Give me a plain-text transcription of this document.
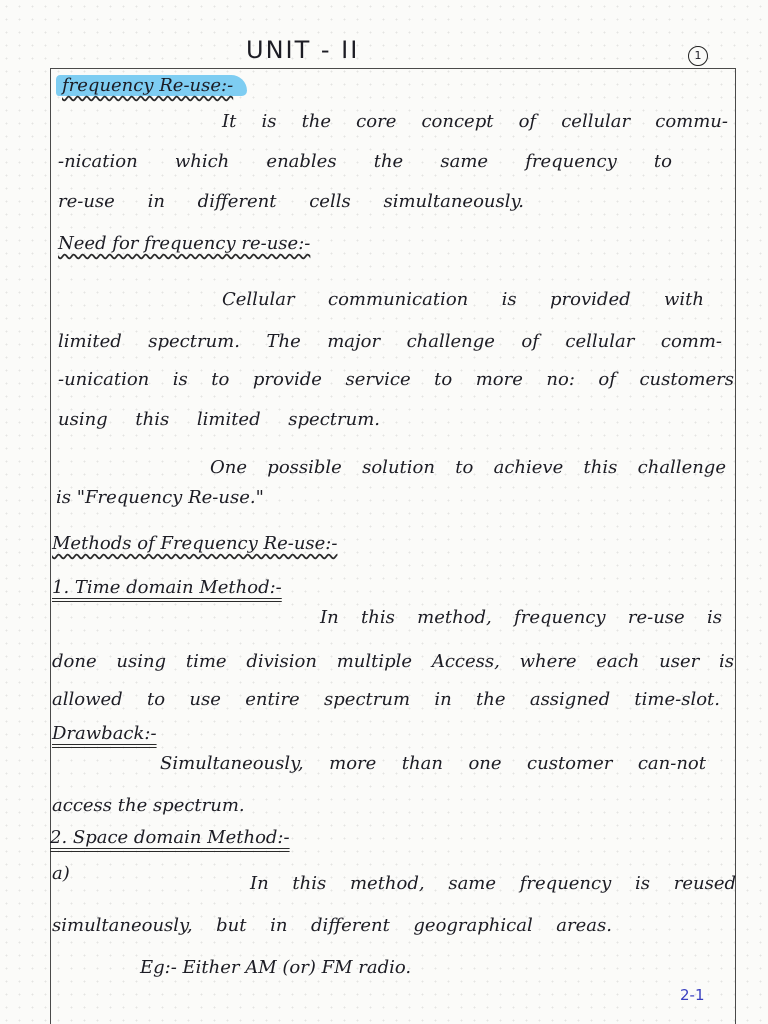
UNIT - II	1
frequency Re-use:-
It is the core concept of cellular commu-
-nication which enables the same frequency to
re-use in different cells simultaneously.
Need for frequency re-use:-
Cellular communication is provided with
limited spectrum. The major challenge of cellular comm-
-unication is to provide service to more no: of customers
using this limited spectrum.
One possible solution to achieve this challenge
is "Frequency Re-use."
Methods of Frequency Re-use:-
1. Time domain Method:-
In this method, frequency re-use is
done using time division multiple Access, where each user is
allowed to use entire spectrum in the assigned time-slot.
Drawback:-
Simultaneously, more than one customer can-not
access the spectrum.
2. Space domain Method:-
a)	In this method, same frequency is reused
simultaneously, but in different geographical areas.
Eg:- Either AM (or) FM radio.
2-1
